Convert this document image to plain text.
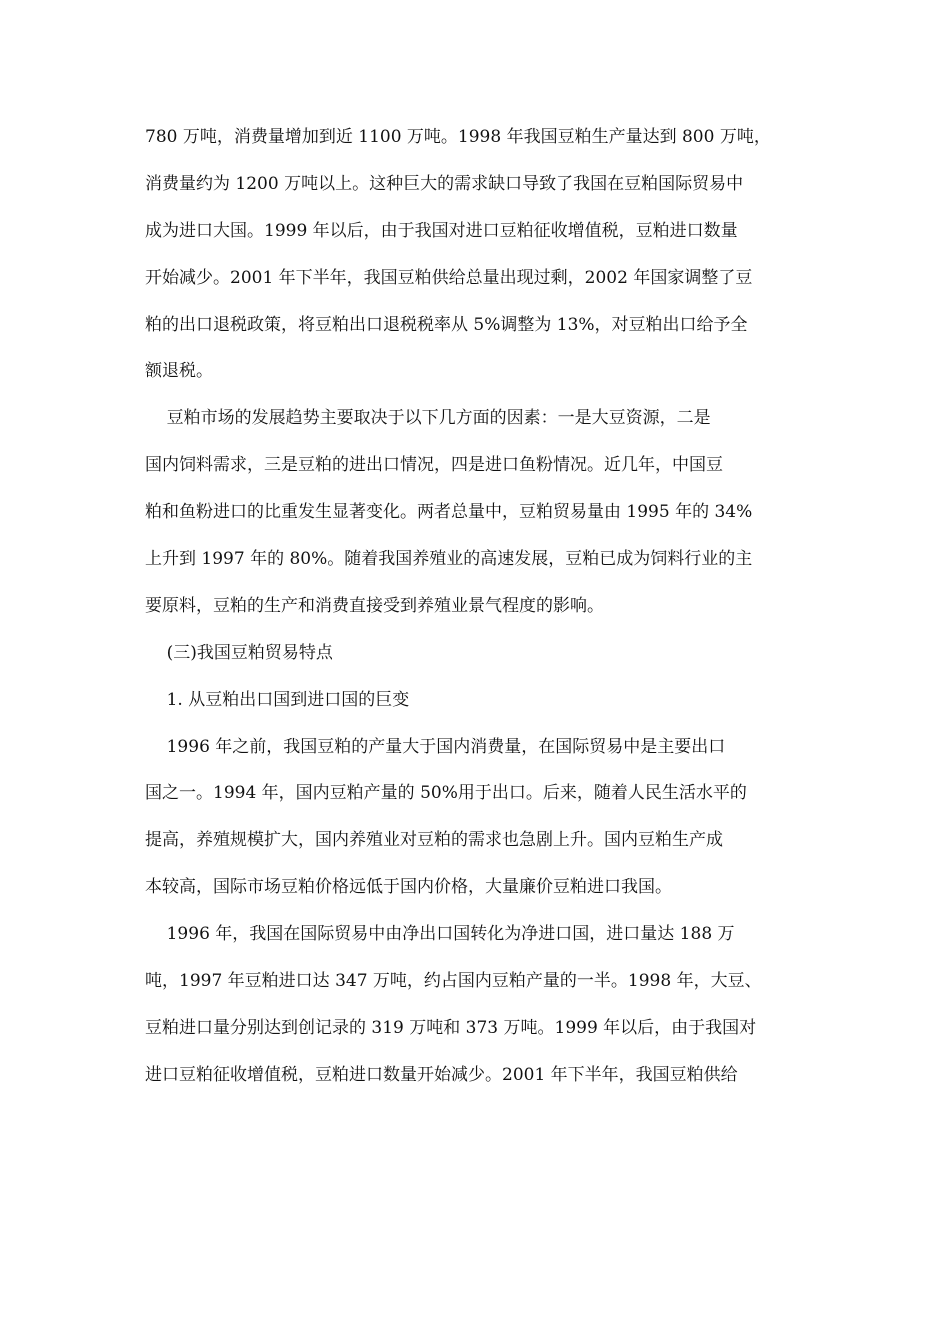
780 万吨，消费量增加到近 1100 万吨。1998 年我国豆粕生产量达到 800 万吨，
消费量约为 1200 万吨以上。这种巨大的需求缺口导致了我国在豆粕国际贸易中
成为进口大国。1999 年以后，由于我国对进口豆粕征收增值税，豆粕进口数量
开始减少。2001 年下半年，我国豆粕供给总量出现过剩，2002 年国家调整了豆
粕的出口退税政策，将豆粕出口退税税率从 5%调整为 13%，对豆粕出口给予全
额退税。
豆粕市场的发展趋势主要取决于以下几方面的因素：一是大豆资源，二是
国内饲料需求，三是豆粕的进出口情况，四是进口鱼粉情况。近几年，中国豆
粕和鱼粉进口的比重发生显著变化。两者总量中，豆粕贸易量由 1995 年的 34%
上升到 1997 年的 80%。随着我国养殖业的高速发展，豆粕已成为饲料行业的主
要原料，豆粕的生产和消费直接受到养殖业景气程度的影响。
(三)我国豆粕贸易特点
1. 从豆粕出口国到进口国的巨变
1996 年之前，我国豆粕的产量大于国内消费量，在国际贸易中是主要出口
国之一。1994 年，国内豆粕产量的 50%用于出口。后来，随着人民生活水平的
提高，养殖规模扩大，国内养殖业对豆粕的需求也急剧上升。国内豆粕生产成
本较高，国际市场豆粕价格远低于国内价格，大量廉价豆粕进口我国。
1996 年，我国在国际贸易中由净出口国转化为净进口国，进口量达 188 万
吨，1997 年豆粕进口达 347 万吨，约占国内豆粕产量的一半。1998 年，大豆、
豆粕进口量分别达到创记录的 319 万吨和 373 万吨。1999 年以后，由于我国对
进口豆粕征收增值税，豆粕进口数量开始减少。2001 年下半年，我国豆粕供给
